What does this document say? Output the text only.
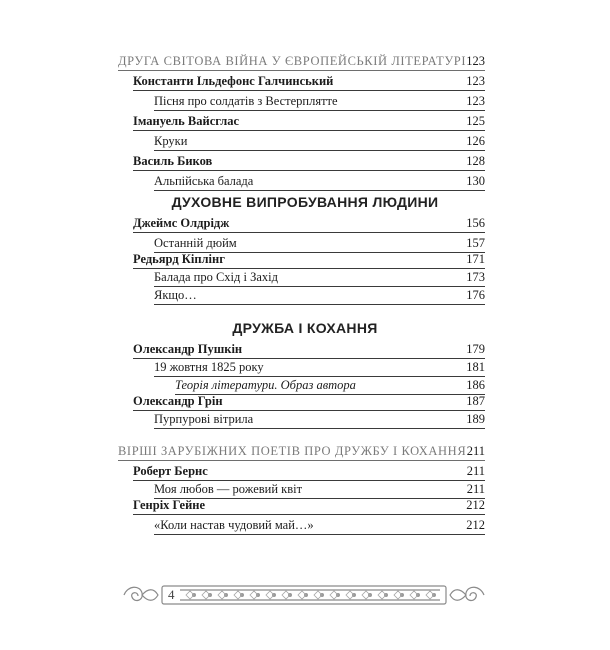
ДРУГА СВІТОВА ВІЙНА У ЄВРОПЕЙСЬКІЙ ЛІТЕРАТУРІ 123
Константи Ільдефонс Галчинський	123
Пісня про солдатів з Вестерплятте	123
Імануель Вайсглас	125
Круки	126
Василь Биков	128
Альпійська балада	130
ДУХОВНЕ ВИПРОБУВАННЯ ЛЮДИНИ
Джеймс Олдрідж	156
Останній дюйм	157
Редьярд Кіплінг	171
Балада про Схід і Захід	173
Якщо…	176
ДРУЖБА І КОХАННЯ
Олександр Пушкін	179
19 жовтня 1825 року	181
Теорія літератури. Образ автора	186
Олександр Грін	187
Пурпурові вітрила	189
ВІРШІ ЗАРУБІЖНИХ ПОЕТІВ ПРО ДРУЖБУ І КОХАННЯ 211
Роберт Бернс	211
Моя любов — рожевий квіт	211
Генріх Гейне	212
«Коли настав чудовий май…»	212
4
